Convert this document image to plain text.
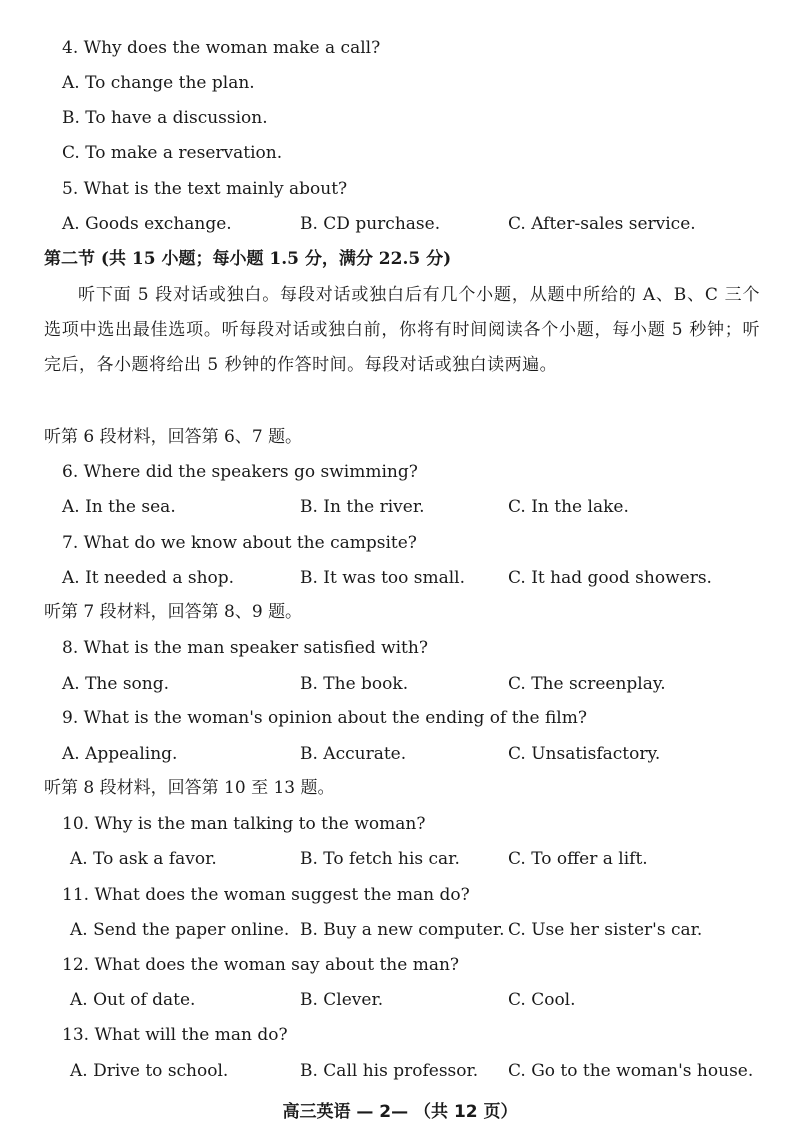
4. Why does the woman make a call?
A. To change the plan.
B. To have a discussion.
C. To make a reservation.
5. What is the text mainly about?
A. Goods exchange.	B. CD purchase.	C. After-sales service.
第二节 (共 15 小题；每小题 1.5 分，满分 22.5 分)
听下面 5 段对话或独白。每段对话或独白后有几个小题，从题中所给的 A、B、C 三个选项中选出最佳选项。听每段对话或独白前，你将有时间阅读各个小题，每小题 5 秒钟；听完后，各小题将给出 5 秒钟的作答时间。每段对话或独白读两遍。
听第 6 段材料，回答第 6、7 题。
6. Where did the speakers go swimming?
A. In the sea.	B. In the river.	C. In the lake.
7. What do we know about the campsite?
A. It needed a shop.	B. It was too small.	C. It had good showers.
听第 7 段材料，回答第 8、9 题。
8. What is the man speaker satisfied with?
A. The song.	B. The book.	C. The screenplay.
9. What is the woman's opinion about the ending of the film?
A. Appealing.	B. Accurate.	C. Unsatisfactory.
听第 8 段材料，回答第 10 至 13 题。
10. Why is the man talking to the woman?
A. To ask a favor.	B. To fetch his car.	C. To offer a lift.
11. What does the woman suggest the man do?
A. Send the paper online. B. Buy a new computer. C. Use her sister's car.
12. What does the woman say about the man?
A. Out of date.	B. Clever.	C. Cool.
13. What will the man do?
A. Drive to school.	B. Call his professor. C. Go to the woman's house.
高三英语 — 2— （共 12 页）
